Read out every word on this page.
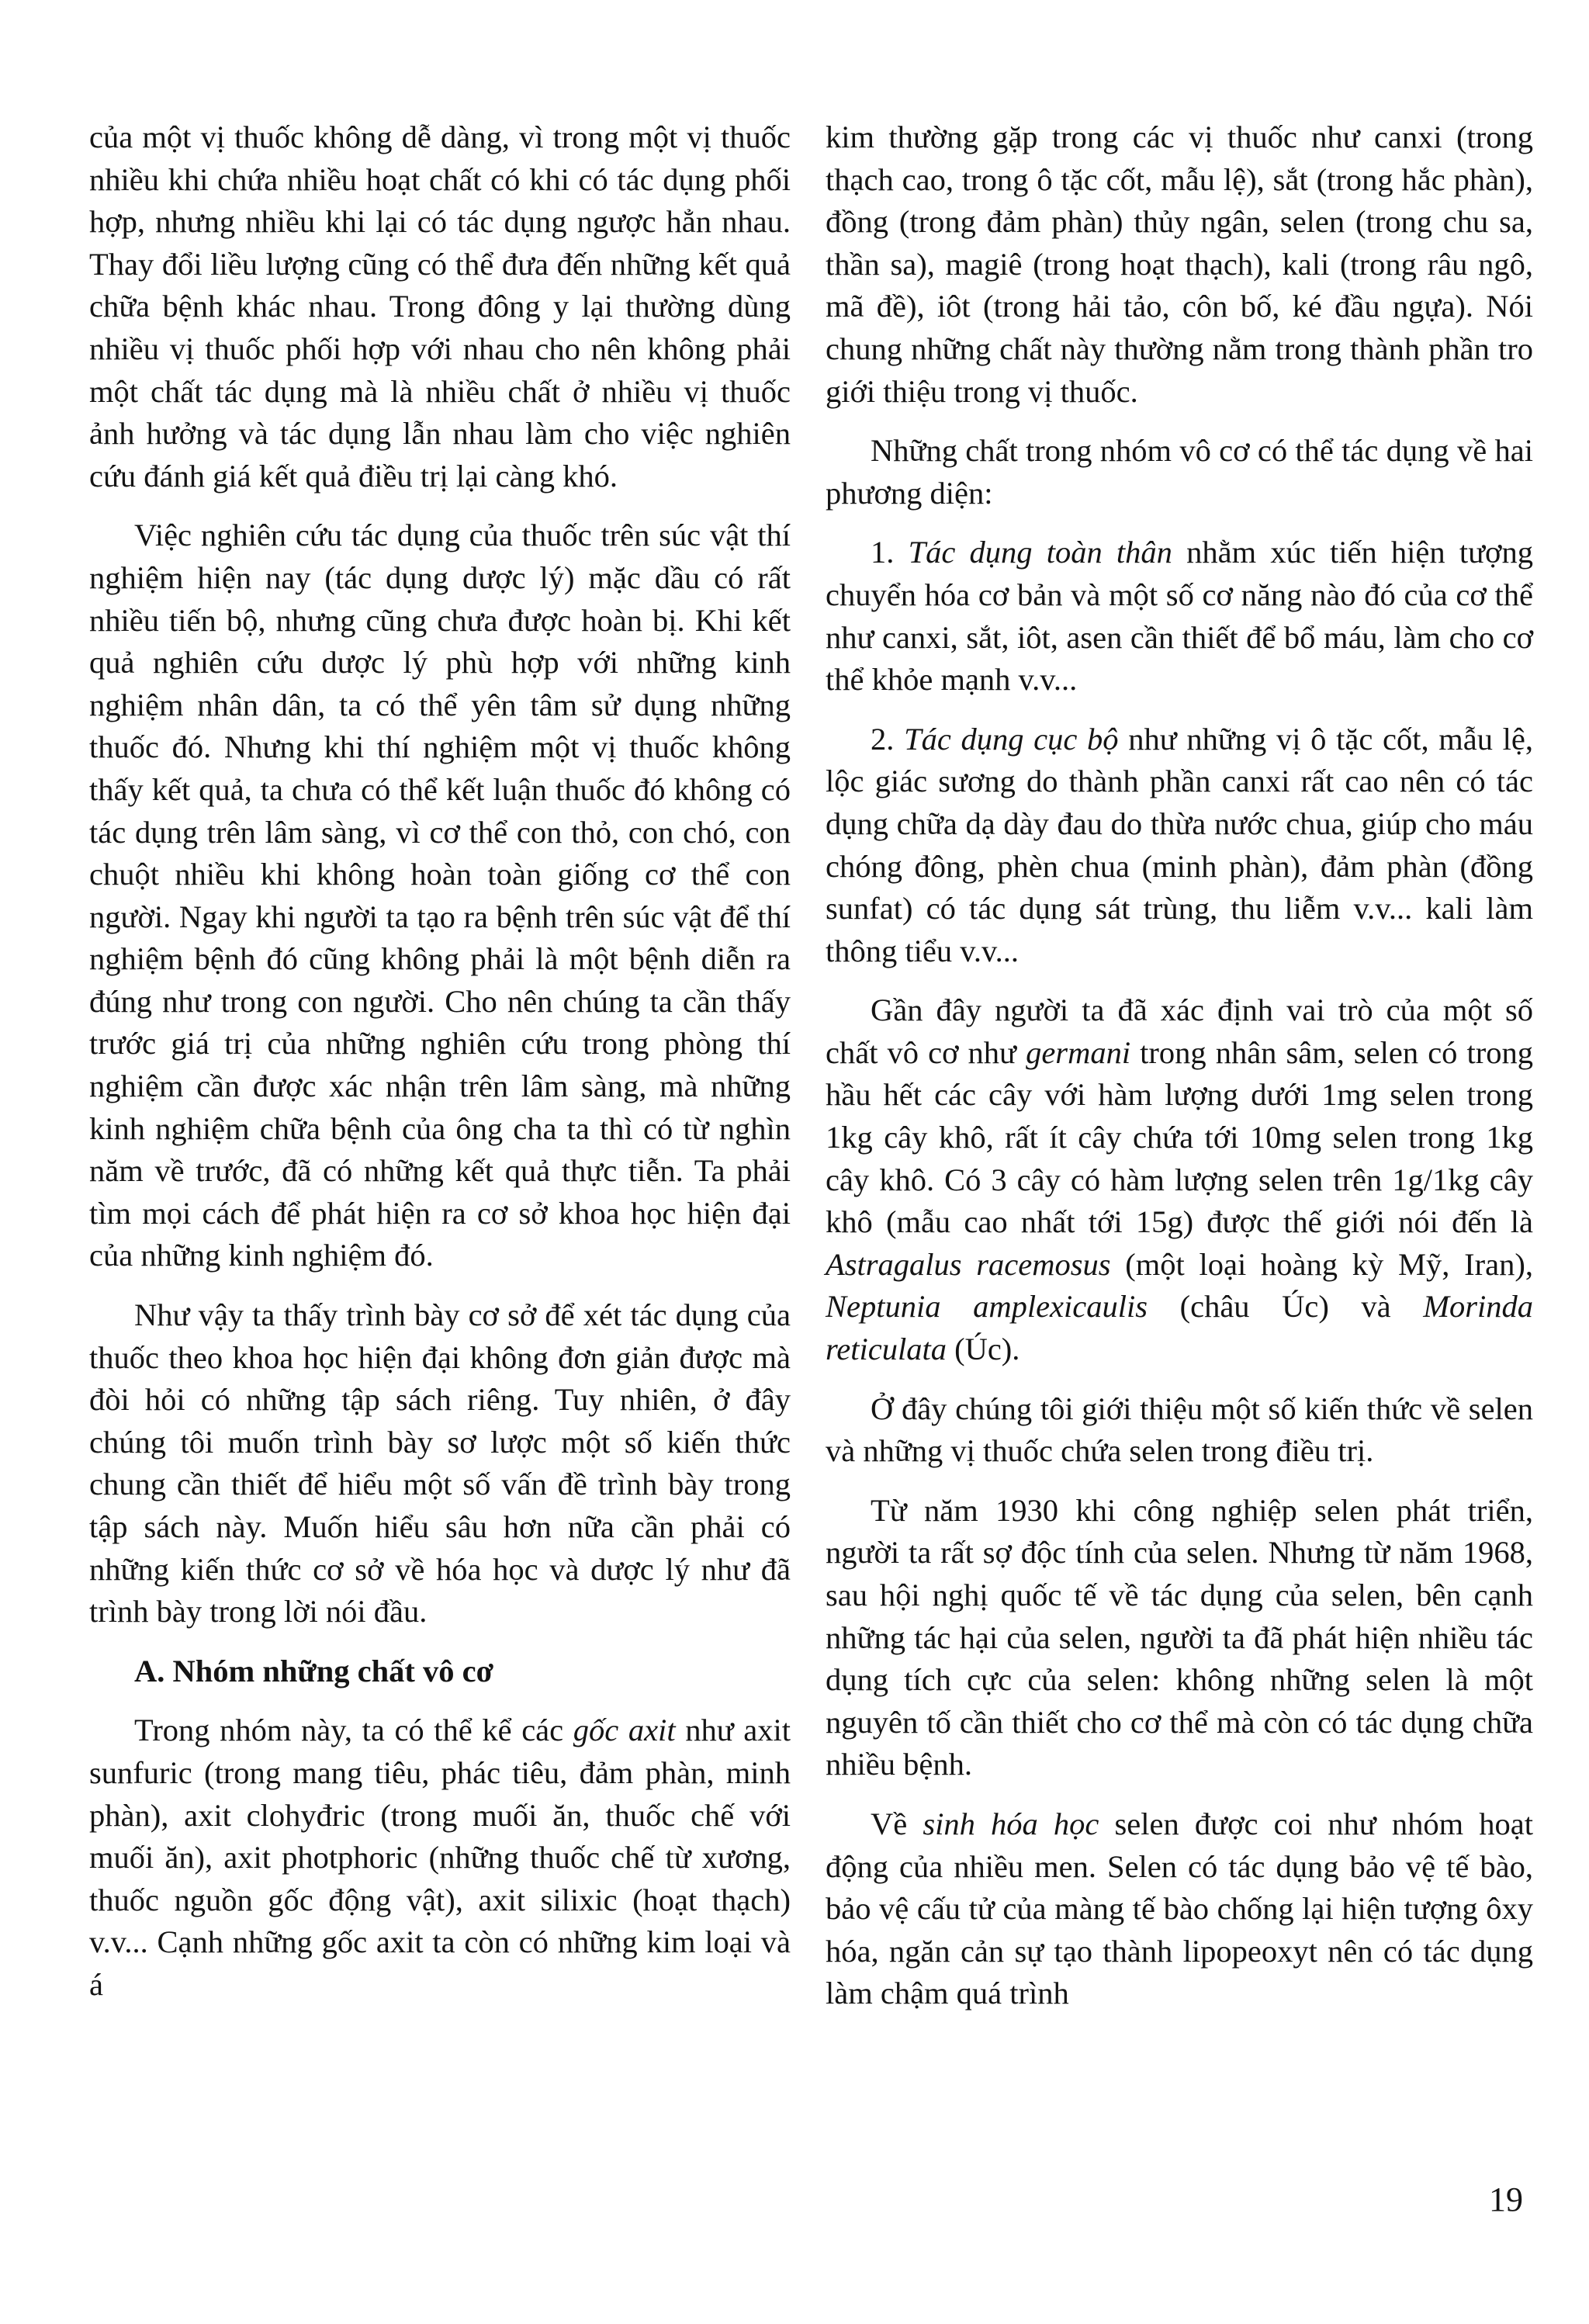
của một vị thuốc không dễ dàng, vì trong một vị thuốc nhiều khi chứa nhiều hoạt chất có khi có tác dụng phối hợp, nhưng nhiều khi lại có tác dụng ngược hẳn nhau. Thay đổi liều lượng cũng có thể đưa đến những kết quả chữa bệnh khác nhau. Trong đông y lại thường dùng nhiều vị thuốc phối hợp với nhau cho nên không phải một chất tác dụng mà là nhiều chất ở nhiều vị thuốc ảnh hưởng và tác dụng lẫn nhau làm cho việc nghiên cứu đánh giá kết quả điều trị lại càng khó.

Việc nghiên cứu tác dụng của thuốc trên súc vật thí nghiệm hiện nay (tác dụng dược lý) mặc dầu có rất nhiều tiến bộ, nhưng cũng chưa được hoàn bị. Khi kết quả nghiên cứu dược lý phù hợp với những kinh nghiệm nhân dân, ta có thể yên tâm sử dụng những thuốc đó. Nhưng khi thí nghiệm một vị thuốc không thấy kết quả, ta chưa có thể kết luận thuốc đó không có tác dụng trên lâm sàng, vì cơ thể con thỏ, con chó, con chuột nhiều khi không hoàn toàn giống cơ thể con người. Ngay khi người ta tạo ra bệnh trên súc vật để thí nghiệm bệnh đó cũng không phải là một bệnh diễn ra đúng như trong con người. Cho nên chúng ta cần thấy trước giá trị của những nghiên cứu trong phòng thí nghiệm cần được xác nhận trên lâm sàng, mà những kinh nghiệm chữa bệnh của ông cha ta thì có từ nghìn năm về trước, đã có những kết quả thực tiễn. Ta phải tìm mọi cách để phát hiện ra cơ sở khoa học hiện đại của những kinh nghiệm đó.

Như vậy ta thấy trình bày cơ sở để xét tác dụng của thuốc theo khoa học hiện đại không đơn giản được mà đòi hỏi có những tập sách riêng. Tuy nhiên, ở đây chúng tôi muốn trình bày sơ lược một số kiến thức chung cần thiết để hiểu một số vấn đề trình bày trong tập sách này. Muốn hiểu sâu hơn nữa cần phải có những kiến thức cơ sở về hóa học và dược lý như đã trình bày trong lời nói đầu.

A. Nhóm những chất vô cơ

Trong nhóm này, ta có thể kể các gốc axit như axit sunfuric (trong mang tiêu, phác tiêu, đảm phàn, minh phàn), axit clohyđric (trong muối ăn, thuốc chế với muối ăn), axit photphoric (những thuốc chế từ xương, thuốc nguồn gốc động vật), axit silixic (hoạt thạch) v.v... Cạnh những gốc axit ta còn có những kim loại và á

kim thường gặp trong các vị thuốc như canxi (trong thạch cao, trong ô tặc cốt, mẫu lệ), sắt (trong hắc phàn), đồng (trong đảm phàn) thủy ngân, selen (trong chu sa, thần sa), magiê (trong hoạt thạch), kali (trong râu ngô, mã đề), iôt (trong hải tảo, côn bố, ké đầu ngựa). Nói chung những chất này thường nằm trong thành phần tro giới thiệu trong vị thuốc.

Những chất trong nhóm vô cơ có thể tác dụng về hai phương diện:

1. Tác dụng toàn thân nhằm xúc tiến hiện tượng chuyển hóa cơ bản và một số cơ năng nào đó của cơ thể như canxi, sắt, iôt, asen cần thiết để bổ máu, làm cho cơ thể khỏe mạnh v.v...

2. Tác dụng cục bộ như những vị ô tặc cốt, mẫu lệ, lộc giác sương do thành phần canxi rất cao nên có tác dụng chữa dạ dày đau do thừa nước chua, giúp cho máu chóng đông, phèn chua (minh phàn), đảm phàn (đồng sunfat) có tác dụng sát trùng, thu liễm v.v... kali làm thông tiểu v.v...

Gần đây người ta đã xác định vai trò của một số chất vô cơ như germani trong nhân sâm, selen có trong hầu hết các cây với hàm lượng dưới 1mg selen trong 1kg cây khô, rất ít cây chứa tới 10mg selen trong 1kg cây khô. Có 3 cây có hàm lượng selen trên 1g/1kg cây khô (mẫu cao nhất tới 15g) được thế giới nói đến là Astragalus racemosus (một loại hoàng kỳ Mỹ, Iran), Neptunia amplexicaulis (châu Úc) và Morinda reticulata (Úc).

Ở đây chúng tôi giới thiệu một số kiến thức về selen và những vị thuốc chứa selen trong điều trị.

Từ năm 1930 khi công nghiệp selen phát triển, người ta rất sợ độc tính của selen. Nhưng từ năm 1968, sau hội nghị quốc tế về tác dụng của selen, bên cạnh những tác hại của selen, người ta đã phát hiện nhiều tác dụng tích cực của selen: không những selen là một nguyên tố cần thiết cho cơ thể mà còn có tác dụng chữa nhiều bệnh.

Về sinh hóa học selen được coi như nhóm hoạt động của nhiều men. Selen có tác dụng bảo vệ tế bào, bảo vệ cấu tử của màng tế bào chống lại hiện tượng ôxy hóa, ngăn cản sự tạo thành lipopeoxyt nên có tác dụng làm chậm quá trình

19
